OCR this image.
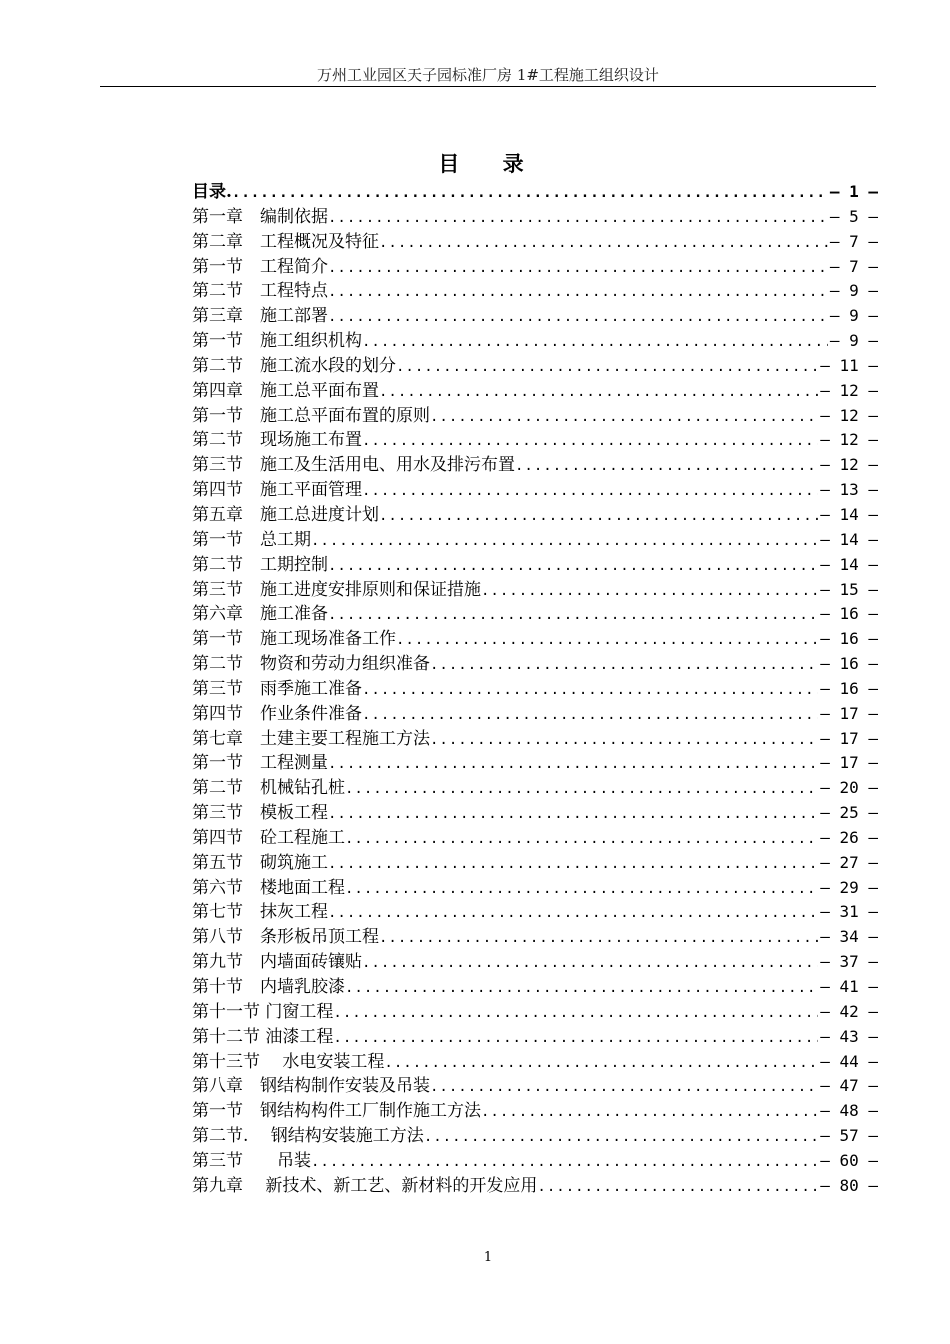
万州工业园区天子园标准厂房 1#工程施工组织设计
目 录
目录. .....	– 1 –
第一章　编制依据 .....	– 5 –
第二章　工程概况及特征 .....	– 7 –
第一节　工程简介 .....	– 7 –
第二节　工程特点 .....	– 9 –
第三章　施工部署 .....	– 9 –
第一节　施工组织机构 .....	– 9 –
第二节　施工流水段的划分 .....	– 11 –
第四章　施工总平面布置 .....	– 12 –
第一节　施工总平面布置的原则 .....	– 12 –
第二节　现场施工布置 .....	– 12 –
第三节　施工及生活用电、用水及排污布置 .....	– 12 –
第四节　施工平面管理 .....	– 13 –
第五章　施工总进度计划 .....	– 14 –
第一节　总工期 .....	– 14 –
第二节　工期控制 .....	– 14 –
第三节　施工进度安排原则和保证措施 .....	– 15 –
第六章　施工准备 .....	– 16 –
第一节　施工现场准备工作 .....	– 16 –
第二节　物资和劳动力组织准备 .....	– 16 –
第三节　雨季施工准备 .....	– 16 –
第四节　作业条件准备 .....	– 17 –
第七章　土建主要工程施工方法 .....	– 17 –
第一节　工程测量 .....	– 17 –
第二节　机械钻孔桩 .....	– 20 –
第三节　模板工程 .....	– 25 –
第四节　砼工程施工 .....	– 26 –
第五节　砌筑施工 .....	– 27 –
第六节　楼地面工程 .....	– 29 –
第七节　抹灰工程 .....	– 31 –
第八节　条形板吊顶工程 .....	– 34 –
第九节　内墙面砖镶贴 .....	– 37 –
第十节　内墙乳胶漆 .....	– 41 –
第十一节 门窗工程 .....	– 42 –
第十二节 油漆工程 .....	– 43 –
第十三节　 水电安装工程 .....	– 44 –
第八章　钢结构制作安装及吊装 .....	– 47 –
第一节　钢结构构件工厂制作施工方法 .....	– 48 –
第二节.　 钢结构安装施工方法 .....	– 57 –
第三节　　吊装 .....	– 60 –
第九章　 新技术、新工艺、新材料的开发应用 .....	– 80 –
1
